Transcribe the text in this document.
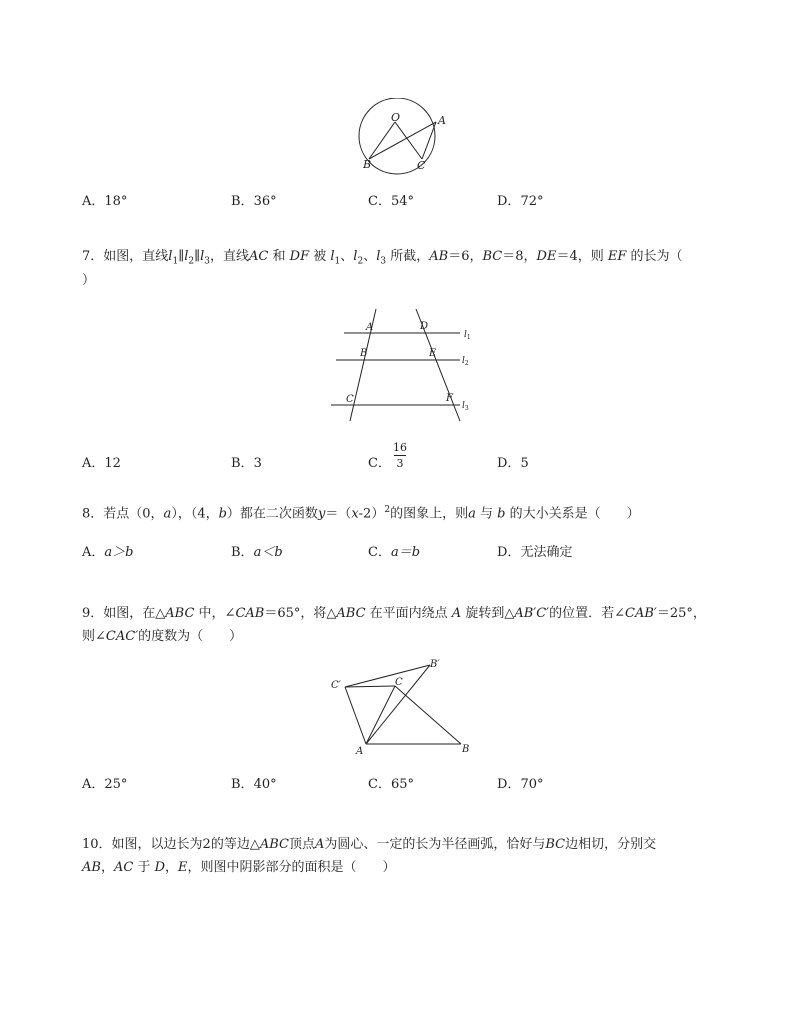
O	A
B	C
A．18°	B．36°	C．54°	D．72°
7．如图，直线$l_1\parallel l_2\parallel l_3$，直线AC 和 DF 被 $l_1$、$l_2$、$l_3$ 所截，AB＝6，BC＝8，DE＝4，则 EF 的长为（
）
A	D
$l_1$
B	E
$l_2$
C	F
$l_3$
A．12	B．3	C．
16
3	D．5
8．若点（0，a），（4，b）都在二次函数$y=(x-2)^2$的图象上，则a 与 b 的大小关系是（　　）
A．a＞b	B．a＜b	C．a＝b	D．无法确定
9．如图，在△ABC 中，∠CAB＝65°，将△ABC 在平面内绕点 A 旋转到△AB′C′的位置．若∠CAB′＝25°，
则∠CAC′的度数为（　　）
B′
C′	C
A	B
A．25°	B．40°	C．65°	D．70°
10．如图，以边长为2的等边△ABC顶点A为圆心、一定的长为半径画弧，恰好与BC边相切，分别交
AB，AC 于 D，E，则图中阴影部分的面积是（　　）
